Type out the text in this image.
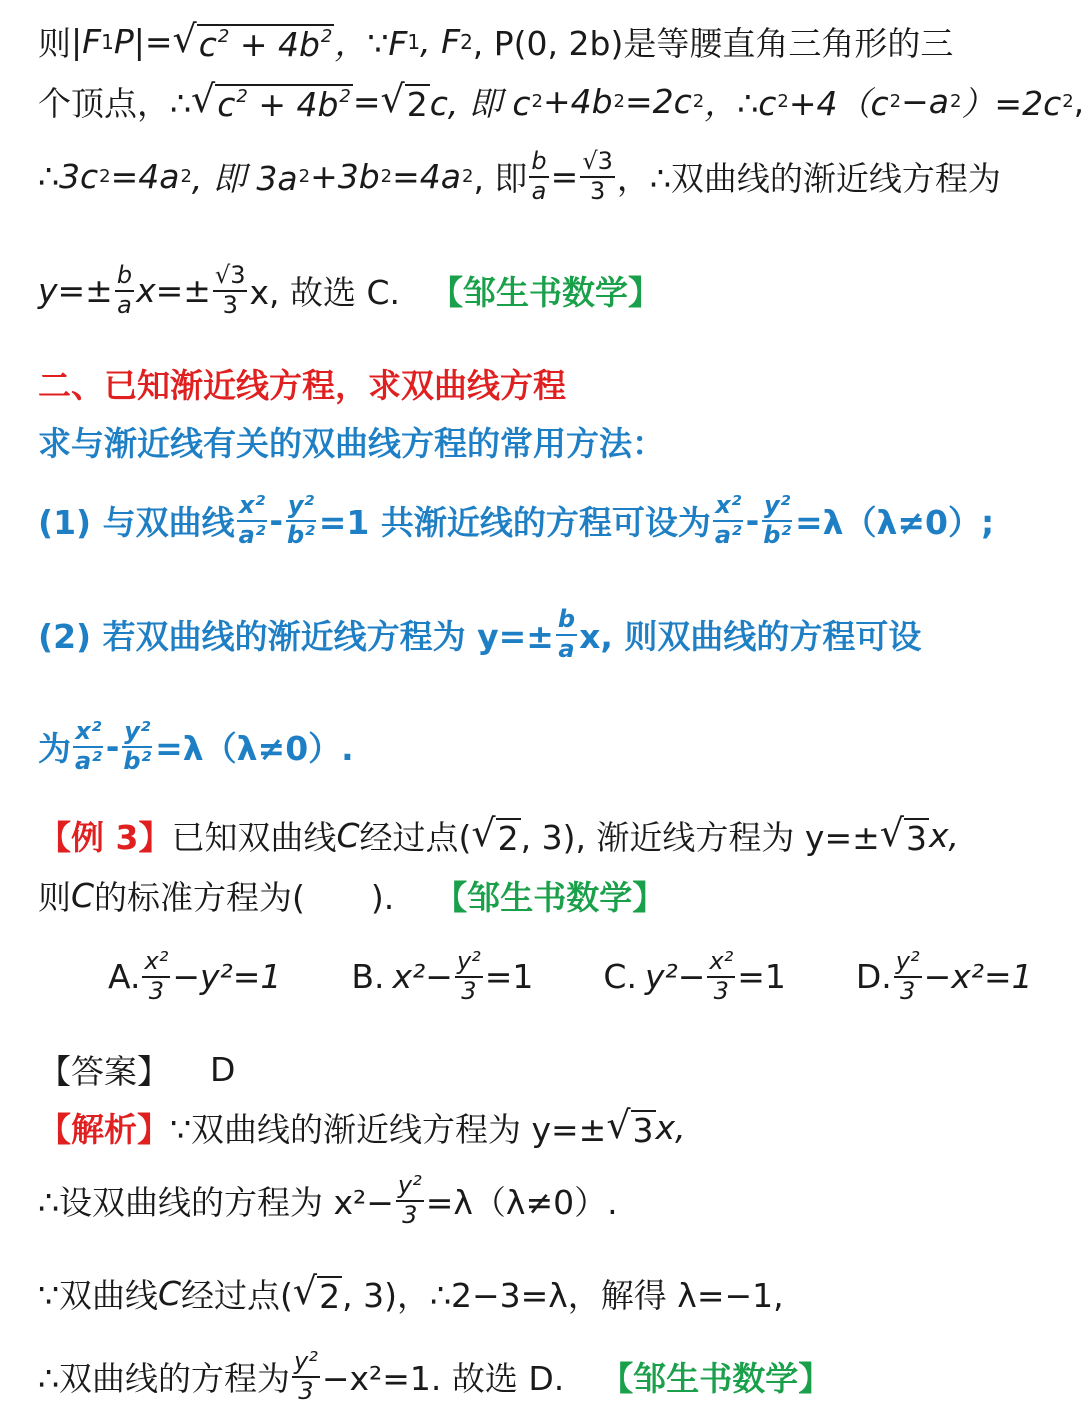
则 |F 1 P|= √ $c^2 + 4b^2$ ，∵F 1 , F 2 , P(0, 2b)是等腰直角三角形的三
个顶点，∴ √ $c^2 + 4b^2$ = √ 2 c, 即 c 2 +4b 2 =2c 2 ，∴c 2 +4（c 2 −a 2 ）=2c 2 ,
∴3c 2 =4a 2 , 即 3a 2 +3b 2 =4a 2 , 即 $\frac{b}{a} = \frac{√3}{3}$ ，∴双曲线的渐近线方程为
$y=\pm \frac{b}{a} x=\pm \frac{√3}{3} x$, 故选 C. 【邹生书数学】
二、已知渐近线方程，求双曲线方程
求与渐近线有关的双曲线方程的常用方法：
(1) 与双曲线 $\frac{\text{x²}}{\text{a²}} - \frac{\text{y²}}{\text{b²}} =1$ 共渐近线的方程可设为 $\frac{\text{x²}}{\text{a²}} - \frac{\text{y²}}{\text{b²}} =\lambda(\lambda\ne 0)$;
(2) 若双曲线的渐近线方程为 $y=\pm \frac{b}{a} x$, 则双曲线的方程可设
为 $\frac{\text{x²}}{\text{a²}} - \frac{\text{y²}}{\text{b²}} =\lambda(\lambda\ne 0)$.
【例 3】 已知双曲线 C 经过点( √ 2 , 3), 渐近线方程为 y=± √ 3 x,
则 C 的标准方程为(　　). 【邹生书数学】
A. $\frac{\text{x²}}{3} -y^2=1$ B. $x^2- \frac{\text{y²}}{3} =1$ C. $y^2- \frac{\text{x²}}{3} =1$ D. $\frac{\text{y²}}{3} -x^2=1$
【答案】 D
【解析】 ∵双曲线的渐近线方程为 y=± √ 3 x,
∴设双曲线的方程为 $x^2- \frac{\text{y²}}{3} =\lambda(\lambda\ne 0)$.
∵双曲线 C 经过点( √ 2 , 3)，∴2−3=λ，解得 λ=−1,
∴双曲线的方程为 $\frac{\text{y²}}{3} -x^2=1$. 故选 D. 【邹生书数学】
